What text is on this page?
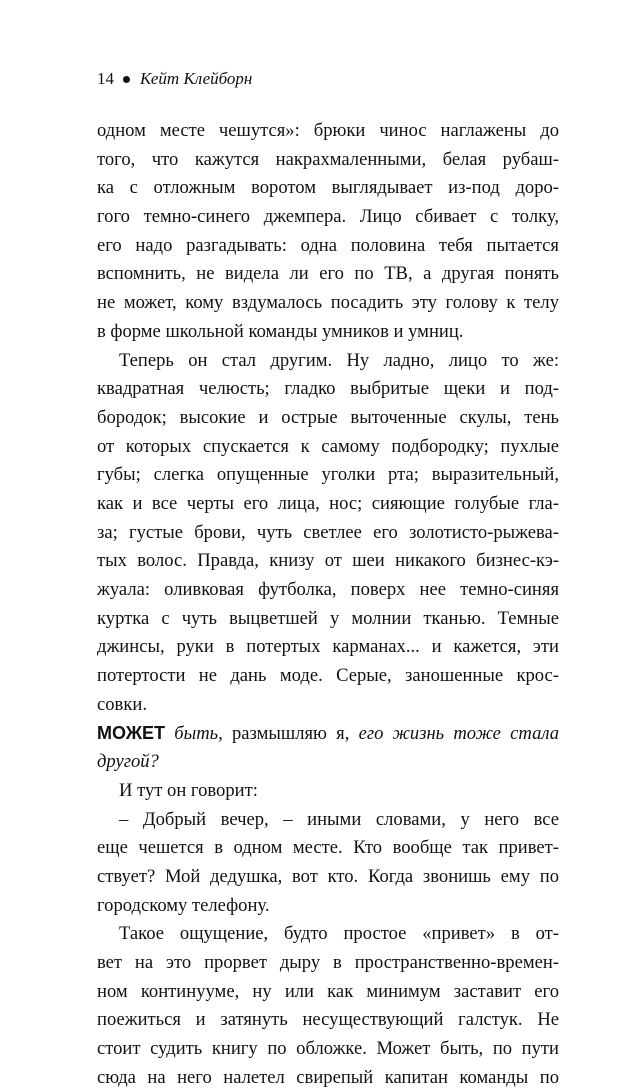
14 Кейт Клейборн
одном месте чешутся»: брюки чинос наглажены до
того, что кажутся накрахмаленными, белая рубаш-
ка с отложным воротом выглядывает из-под доро-
гого темно-синего джемпера. Лицо сбивает с толку,
его надо разгадывать: одна половина тебя пытается
вспомнить, не видела ли его по ТВ, а другая понять
не может, кому вздумалось посадить эту голову к телу
в форме школьной команды умников и умниц.
Теперь он стал другим. Ну ладно, лицо то же:
квадратная челюсть; гладко выбритые щеки и под-
бородок; высокие и острые выточенные скулы, тень
от которых спускается к самому подбородку; пухлые
губы; слегка опущенные уголки рта; выразительный,
как и все черты его лица, нос; сияющие голубые гла-
за; густые брови, чуть светлее его золотисто-рыжева-
тых волос. Правда, книзу от шеи никакого бизнес-кэ-
жуала: оливковая футболка, поверх нее темно-синяя
куртка с чуть выцветшей у молнии тканью. Темные
джинсы, руки в потертых карманах... и кажется, эти
потертости не дань моде. Серые, заношенные крос-
совки.
МОЖЕТ быть, размышляю я, его жизнь тоже стала
другой?
И тут он говорит:
– Добрый вечер, – иными словами, у него все
еще чешется в одном месте. Кто вообще так привет-
ствует? Мой дедушка, вот кто. Когда звонишь ему по
городскому телефону.
Такое ощущение, будто простое «привет» в от-
вет на это прорвет дыру в пространственно-времен-
ном континууме, ну или как минимум заставит его
поежиться и затянуть несуществующий галстук. Не
стоит судить книгу по обложке. Может быть, по пути
сюда на него налетел свирепый капитан команды по
